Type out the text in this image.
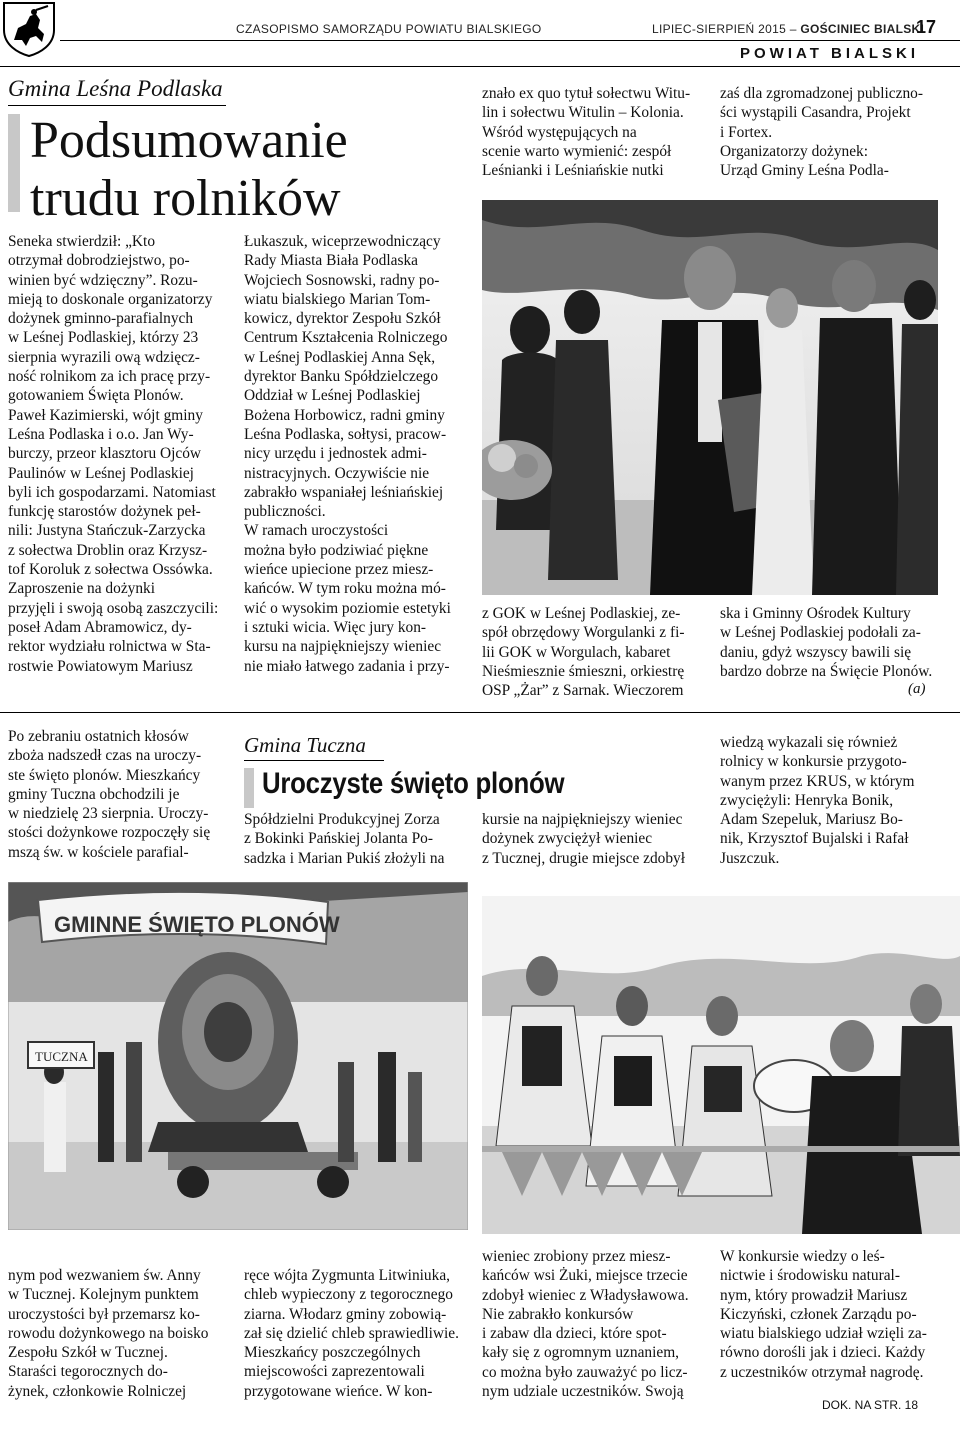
CZASOPISMO SAMORZĄDU POWIATU BIALSKIEGO	LIPIEC-SIERPIEŃ 2015 – GOŚCINIEC BIALSKI
17
POWIAT BIALSKI
Gmina Leśna Podlaska
Podsumowanie
trudu rolników

Seneka stwierdził: „Kto
otrzymał dobrodziejstwo, po-
winien być wdzięczny”. Rozu-
mieją to doskonale organizatorzy
dożynek gminno-parafialnych
w Leśnej Podlaskiej, którzy 23
sierpnia wyrazili ową wdzięcz-
ność rolnikom za ich pracę przy-
gotowaniem Święta Plonów.
Paweł Kazimierski, wójt gminy
Leśna Podlaska i o.o. Jan Wy-
burczy, przeor klasztoru Ojców
Paulinów w Leśnej Podlaskiej
byli ich gospodarzami. Natomiast
funkcję starostów dożynek peł-
nili: Justyna Stańczuk-Zarzycka
z sołectwa Droblin oraz Krzysz-
tof Koroluk z sołectwa Ossówka.
Zaproszenie na dożynki
przyjęli i swoją osobą zaszczycili:
poseł Adam Abramowicz, dy-
rektor wydziału rolnictwa w Sta-
rostwie Powiatowym Mariusz

Łukaszuk, wiceprzewodniczący
Rady Miasta Biała Podlaska
Wojciech Sosnowski, radny po-
wiatu bialskiego Marian Tom-
kowicz, dyrektor Zespołu Szkół
Centrum Kształcenia Rolniczego
w Leśnej Podlaskiej Anna Sęk,
dyrektor Banku Spółdzielczego
Oddział w Leśnej Podlaskiej
Bożena Horbowicz, radni gminy
Leśna Podlaska, sołtysi, pracow-
nicy urzędu i jednostek admi-
nistracyjnych. Oczywiście nie
zabrakło wspaniałej leśniańskiej
publiczności.
W ramach uroczystości
można było podziwiać piękne
wieńce upiecione przez miesz-
kańców. W tym roku można mó-
wić o wysokim poziomie estetyki
i sztuki wicia. Więc jury kon-
kursu na najpiękniejszy wieniec
nie miało łatwego zadania i przy-

znało ex quo tytuł sołectwu Witu-
lin i sołectwu Witulin – Kolonia.
Wśród występujących na
scenie warto wymienić: zespół
Leśnianki i Leśniańskie nutki

zaś dla zgromadzonej publiczno-
ści wystąpili Casandra, Projekt
i Fortex.
Organizatorzy dożynek:
Urząd Gminy Leśna Podla-

z GOK w Leśnej Podlaskiej, ze-
spół obrzędowy Worgulanki z fi-
lii GOK w Worgulach, kabaret
Nieśmiesznie śmieszni, orkiestrę
OSP „Żar” z Sarnak. Wieczorem

ska i Gminny Ośrodek Kultury
w Leśnej Podlaskiej podołali za-
daniu, gdyż wszyscy bawili się
bardzo dobrze na Święcie Plonów.

(a)

Po zebraniu ostatnich kłosów
zboża nadszedł czas na uroczy-
ste święto plonów. Mieszkańcy
gminy Tuczna obchodzili je
w niedzielę 23 sierpnia. Uroczy-
stości dożynkowe rozpoczęły się
mszą św. w kościele parafial-

Gmina Tuczna
Uroczyste święto plonów

Spółdzielni Produkcyjnej Zorza
z Bokinki Pańskiej Jolanta Po-
sadzka i Marian Pukiś złożyli na

kursie na najpiękniejszy wieniec
dożynek zwyciężył wieniec
z Tucznej, drugie miejsce zdobył

wiedzą wykazali się również
rolnicy w konkursie przygoto-
wanym przez KRUS, w którym
zwyciężyli: Henryka Bonik,
Adam Szepeluk, Mariusz Bo-
nik, Krzysztof Bujalski i Rafał
Juszczuk.

GMINNE ŚWIĘTO PLONÓW
TUCZNA

nym pod wezwaniem św. Anny
w Tucznej. Kolejnym punktem
uroczystości był przemarsz ko-
rowodu dożynkowego na boisko
Zespołu Szkół w Tucznej.
Staraści tegorocznych do-
żynek, członkowie Rolniczej

ręce wójta Zygmunta Litwiniuka,
chleb wypieczony z tegorocznego
ziarna. Włodarz gminy zobowią-
zał się dzielić chleb sprawiedliwie.
Mieszkańcy poszczególnych
miejscowości zaprezentowali
przygotowane wieńce. W kon-

wieniec zrobiony przez miesz-
kańców wsi Żuki, miejsce trzecie
zdobył wieniec z Władysławowa.
Nie zabrakło konkursów
i zabaw dla dzieci, które spot-
kały się z ogromnym uznaniem,
co można było zauważyć po licz-
nym udziale uczestników. Swoją

W konkursie wiedzy o leś-
nictwie i środowisku natural-
nym, który prowadził Mariusz
Kiczyński, członek Zarządu po-
wiatu bialskiego udział wzięli za-
równo dorośli jak i dzieci. Każdy
z uczestników otrzymał nagrodę.

DOK. NA STR. 18
